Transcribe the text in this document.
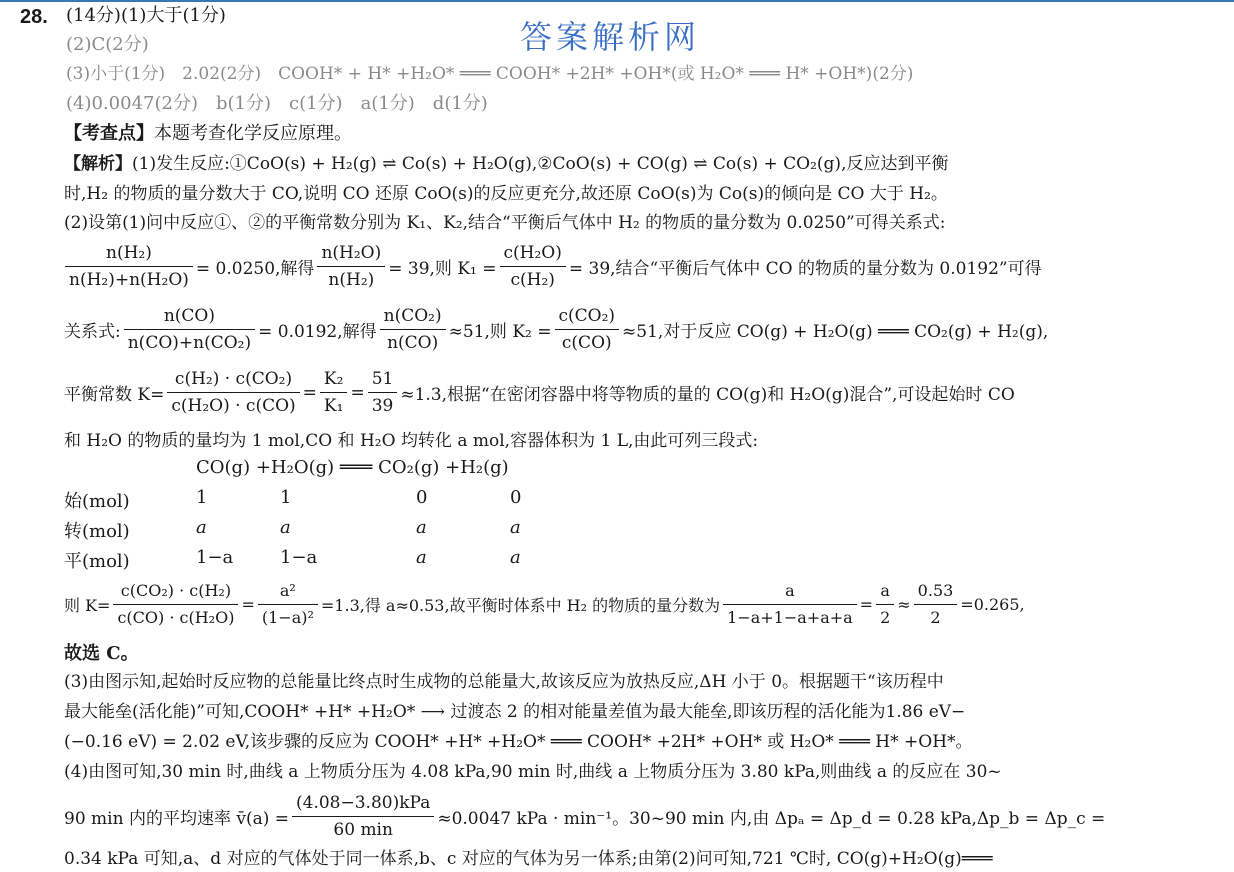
答案解析网
28. (14分)(1)大于(1分)
(2)C(2分)
(3)小于(1分)　2.02(2分)　COOH* + H* +H₂O* ═══ COOH* +2H* +OH*(或 H₂O* ═══ H* +OH*)(2分)
(4)0.0047(2分)　b(1分)　c(1分)　a(1分)　d(1分)
【考查点】本题考查化学反应原理。
【解析】(1)发生反应:①CoO(s) + H₂(g) ⇌ Co(s) + H₂O(g),②CoO(s) + CO(g) ⇌ Co(s) + CO₂(g),反应达到平衡
时,H₂ 的物质的量分数大于 CO,说明 CO 还原 CoO(s)的反应更充分,故还原 CoO(s)为 Co(s)的倾向是 CO 大于 H₂。
(2)设第(1)问中反应①、②的平衡常数分别为 K₁、K₂,结合“平衡后气体中 H₂ 的物质的量分数为 0.0250”可得关系式:
$\frac{\text{n(H₂)}}{\text{n(H₂)+n(H₂O)}} = 0.0250$,解得 $\frac{\text{n(H₂O)}}{\text{n(H₂)}} = 39$,则 $K_1 = \frac{\text{c(H₂O)}}{\text{c(H₂)}} = 39$,结合“平衡后气体中 CO 的物质的量分数为 0.0192”可得
关系式: $\frac{n(CO)}{\text{n(CO)+n(CO₂)}} = 0.0192$,解得 $\frac{\text{n(CO₂)}}{n(CO)} \approx 51$,则 $K_2 = \frac{\text{c(CO₂)}}{c(CO)} \approx 51$,对于反应 CO(g) + H₂O(g) ═══ CO₂(g) + H₂(g),
平衡常数 $K= \frac{\text{c(H₂) · c(CO₂)}}{\text{c(H₂O) · c(CO)}} = \frac{\text{K₂}}{\text{K₁}} = \frac{51}{39} \approx 1.3$,根据“在密闭容器中将等物质的量的 CO(g)和 H₂O(g)混合”,可设起始时 CO
和 H₂O 的物质的量均为 1 mol,CO 和 H₂O 均转化 a mol,容器体积为 1 L,由此可列三段式:
CO(g) +H₂O(g) ═══ CO₂(g) +H₂(g)
始(mol)	1	1	0	0
转(mol)	a	a	a	a
平(mol)	1−a	1−a	a	a
则 $K= \frac{\text{c(CO₂) · c(H₂)}}{\text{c(CO) · c(H₂O)}} = \frac{\text{a²}}{\text{(1−a)²}} =1.3$,得 a≈0.53,故平衡时体系中 H₂ 的物质的量分数为 $\frac{a}{1-a+1-a+a+a} = \frac{a}{2} \approx \frac{0.53}{2} =0.265$,
故选 C。
(3)由图示知,起始时反应物的总能量比终点时生成物的总能量大,故该反应为放热反应,ΔH 小于 0。根据题干“该历程中
最大能垒(活化能)”可知,COOH* +H* +H₂O* ⟶ 过渡态 2 的相对能量差值为最大能垒,即该历程的活化能为1.86 eV−
(−0.16 eV) = 2.02 eV,该步骤的反应为 COOH* +H* +H₂O* ═══ COOH* +2H* +OH* 或 H₂O* ═══ H* +OH*。
(4)由图可知,30 min 时,曲线 a 上物质分压为 4.08 kPa,90 min 时,曲线 a 上物质分压为 3.80 kPa,则曲线 a 的反应在 30~
90 min 内的平均速率 v̄(a) = $\frac{\text{(4.08−3.80)kPa}}{60 \min} \approx 0.0047$ kPa · min⁻¹。30~90 min 内,由 Δpₐ = Δp_d = 0.28 kPa,Δp_b = Δp_c =
0.34 kPa 可知,a、d 对应的气体处于同一体系,b、c 对应的气体为另一体系;由第(2)问可知,721 ℃时, CO(g)+H₂O(g)═══
